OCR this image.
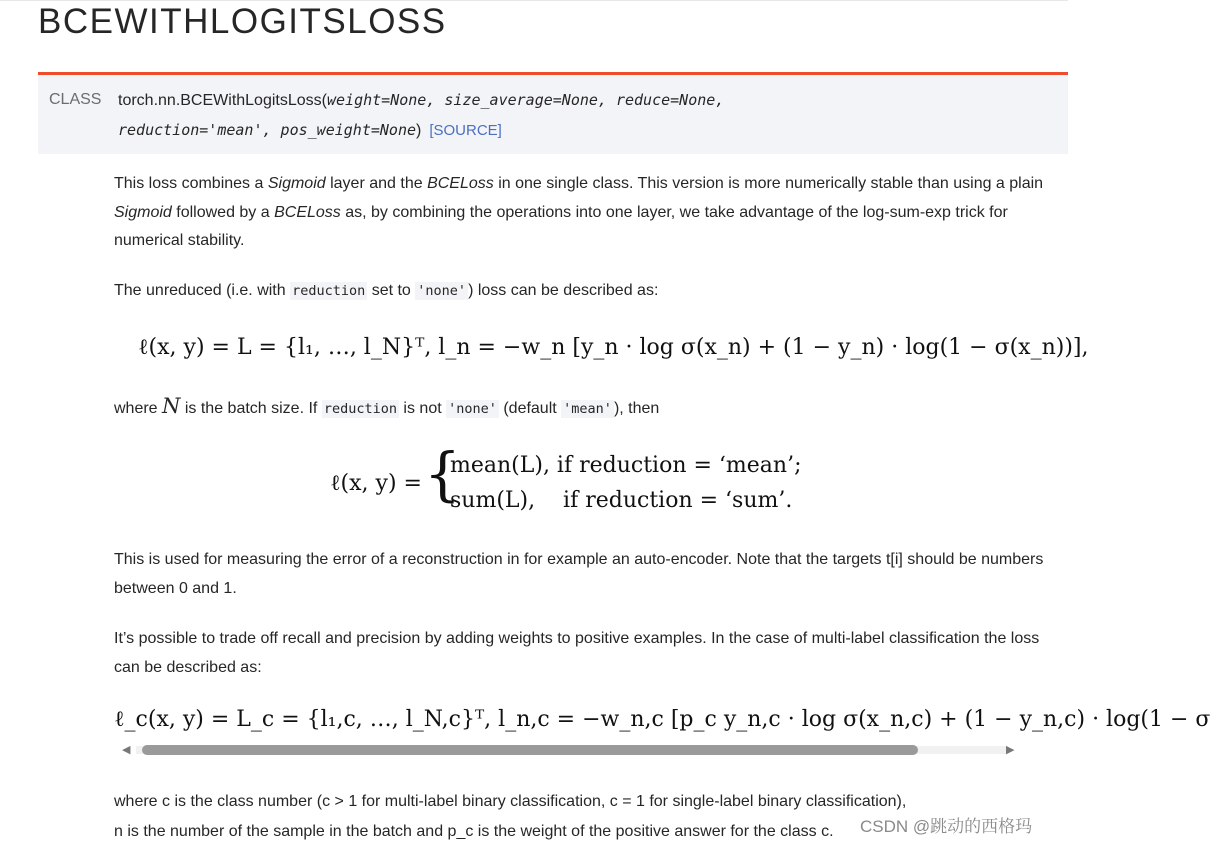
BCEWITHLOGITSLOSS
CLASS torch.nn.BCEWithLogitsLoss(weight=None, size_average=None, reduce=None,
reduction='mean', pos_weight=None) [SOURCE]

This loss combines a Sigmoid layer and the BCELoss in one single class. This version is more numerically stable than using a plain Sigmoid followed by a BCELoss as, by combining the operations into one layer, we take advantage of the log-sum-exp trick for numerical stability.

The unreduced (i.e. with reduction set to 'none' ) loss can be described as:

ℓ(x, y) = L = {l₁, …, l_N}ᵀ, l_n = −w_n [y_n · log σ(x_n) + (1 − y_n) · log(1 − σ(x_n))],

where N is the batch size. If reduction is not 'none' (default 'mean' ), then

ℓ(x, y) = {
mean(L), if reduction = ‘mean’;
sum(L),    if reduction = ‘sum’.

This is used for measuring the error of a reconstruction in for example an auto-encoder. Note that the targets t[i] should be numbers between 0 and 1.

It’s possible to trade off recall and precision by adding weights to positive examples. In the case of multi-label classification the loss can be described as:

ℓ_c(x, y) = L_c = {l₁,c, …, l_N,c}ᵀ, l_n,c = −w_n,c [p_c y_n,c · log σ(x_n,c) + (1 − y_n,c) · log(1 − σ
◀	▶

where c is the class number (c > 1 for multi-label binary classification, c = 1 for single-label binary classification),

n is the number of the sample in the batch and p_c is the weight of the positive answer for the class c.	CSDN @跳动的西格玛
